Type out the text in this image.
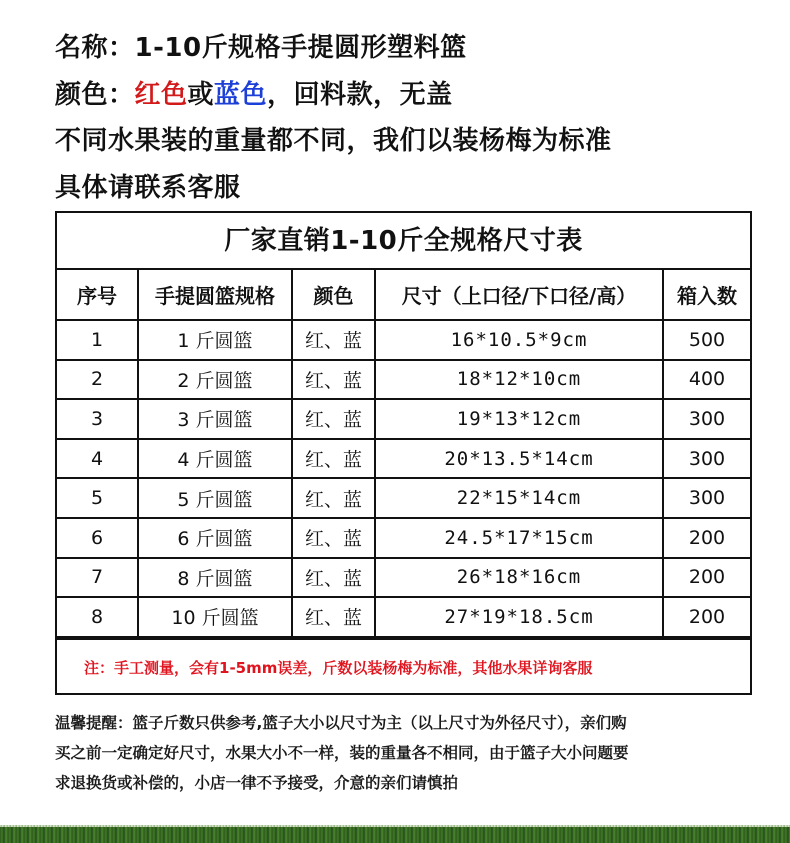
名称：1-10斤规格手提圆形塑料篮
颜色：红色或蓝色，回料款，无盖
不同水果装的重量都不同，我们以装杨梅为标准
具体请联系客服
厂家直销1-10斤全规格尺寸表
序号	手提圆篮规格	颜色	尺寸（上口径/下口径/高）	箱入数
1	1 斤圆篮	红、蓝	16*10.5*9cm	500
2	2 斤圆篮	红、蓝	18*12*10cm	400
3	3 斤圆篮	红、蓝	19*13*12cm	300
4	4 斤圆篮	红、蓝	20*13.5*14cm	300
5	5 斤圆篮	红、蓝	22*15*14cm	300
6	6 斤圆篮	红、蓝	24.5*17*15cm	200
7	8 斤圆篮	红、蓝	26*18*16cm	200
8	10 斤圆篮	红、蓝	27*19*18.5cm	200
注：手工测量，会有1-5mm误差，斤数以装杨梅为标准，其他水果详询客服

温馨提醒：篮子斤数只供参考,篮子大小以尺寸为主（以上尺寸为外径尺寸），亲们购

买之前一定确定好尺寸，水果大小不一样，装的重量各不相同，由于篮子大小问题要

求退换货或补偿的，小店一律不予接受，介意的亲们请慎拍
